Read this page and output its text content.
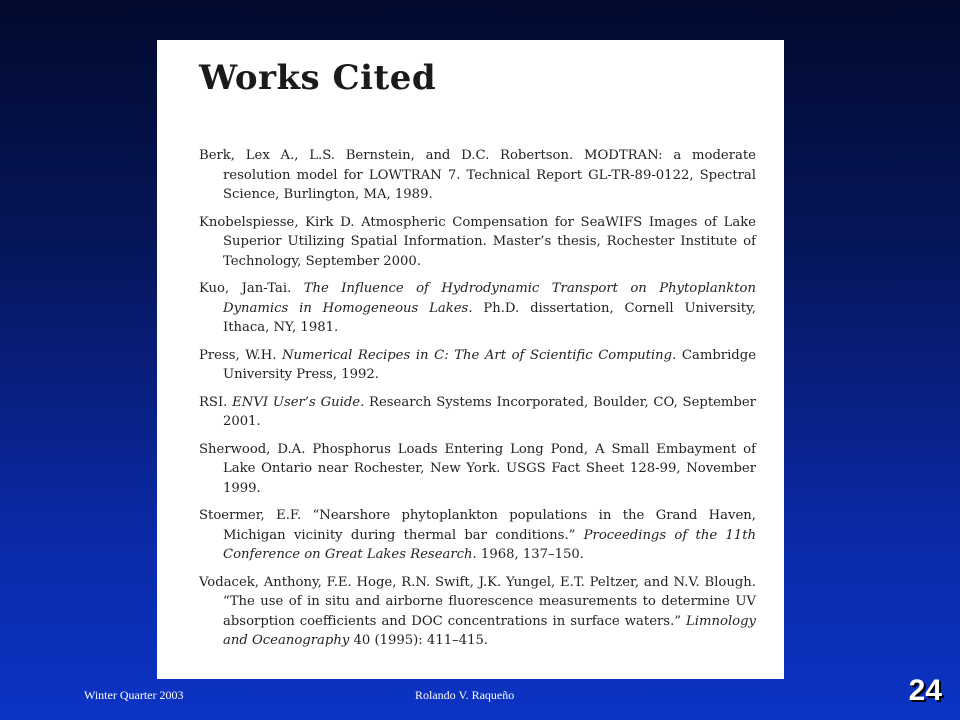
Works Cited
Berk, Lex A., L.S. Bernstein, and D.C. Robertson. MODTRAN: a moderate resolution model for LOWTRAN 7. Technical Report GL-TR-89-0122, Spectral Science, Burlington, MA, 1989.
Knobelspiesse, Kirk D. Atmospheric Compensation for SeaWIFS Images of Lake Superior Utilizing Spatial Information. Master’s thesis, Rochester Institute of Technology, September 2000.
Kuo, Jan-Tai. The Influence of Hydrodynamic Transport on Phytoplankton Dynamics in Homogeneous Lakes. Ph.D. dissertation, Cornell University, Ithaca, NY, 1981.
Press, W.H. Numerical Recipes in C: The Art of Scientific Computing. Cambridge University Press, 1992.
RSI. ENVI User’s Guide. Research Systems Incorporated, Boulder, CO, September 2001.
Sherwood, D.A. Phosphorus Loads Entering Long Pond, A Small Embayment of Lake Ontario near Rochester, New York. USGS Fact Sheet 128-99, November 1999.
Stoermer, E.F. “Nearshore phytoplankton populations in the Grand Haven, Michigan vicinity during thermal bar conditions.” Proceedings of the 11th Conference on Great Lakes Research. 1968, 137–150.
Vodacek, Anthony, F.E. Hoge, R.N. Swift, J.K. Yungel, E.T. Peltzer, and N.V. Blough. “The use of in situ and airborne fluorescence measurements to determine UV absorption coefficients and DOC concentrations in surface waters.” Limnology and Oceanography 40 (1995): 411–415.
Winter Quarter 2003	Rolando V. Raqueño	24
